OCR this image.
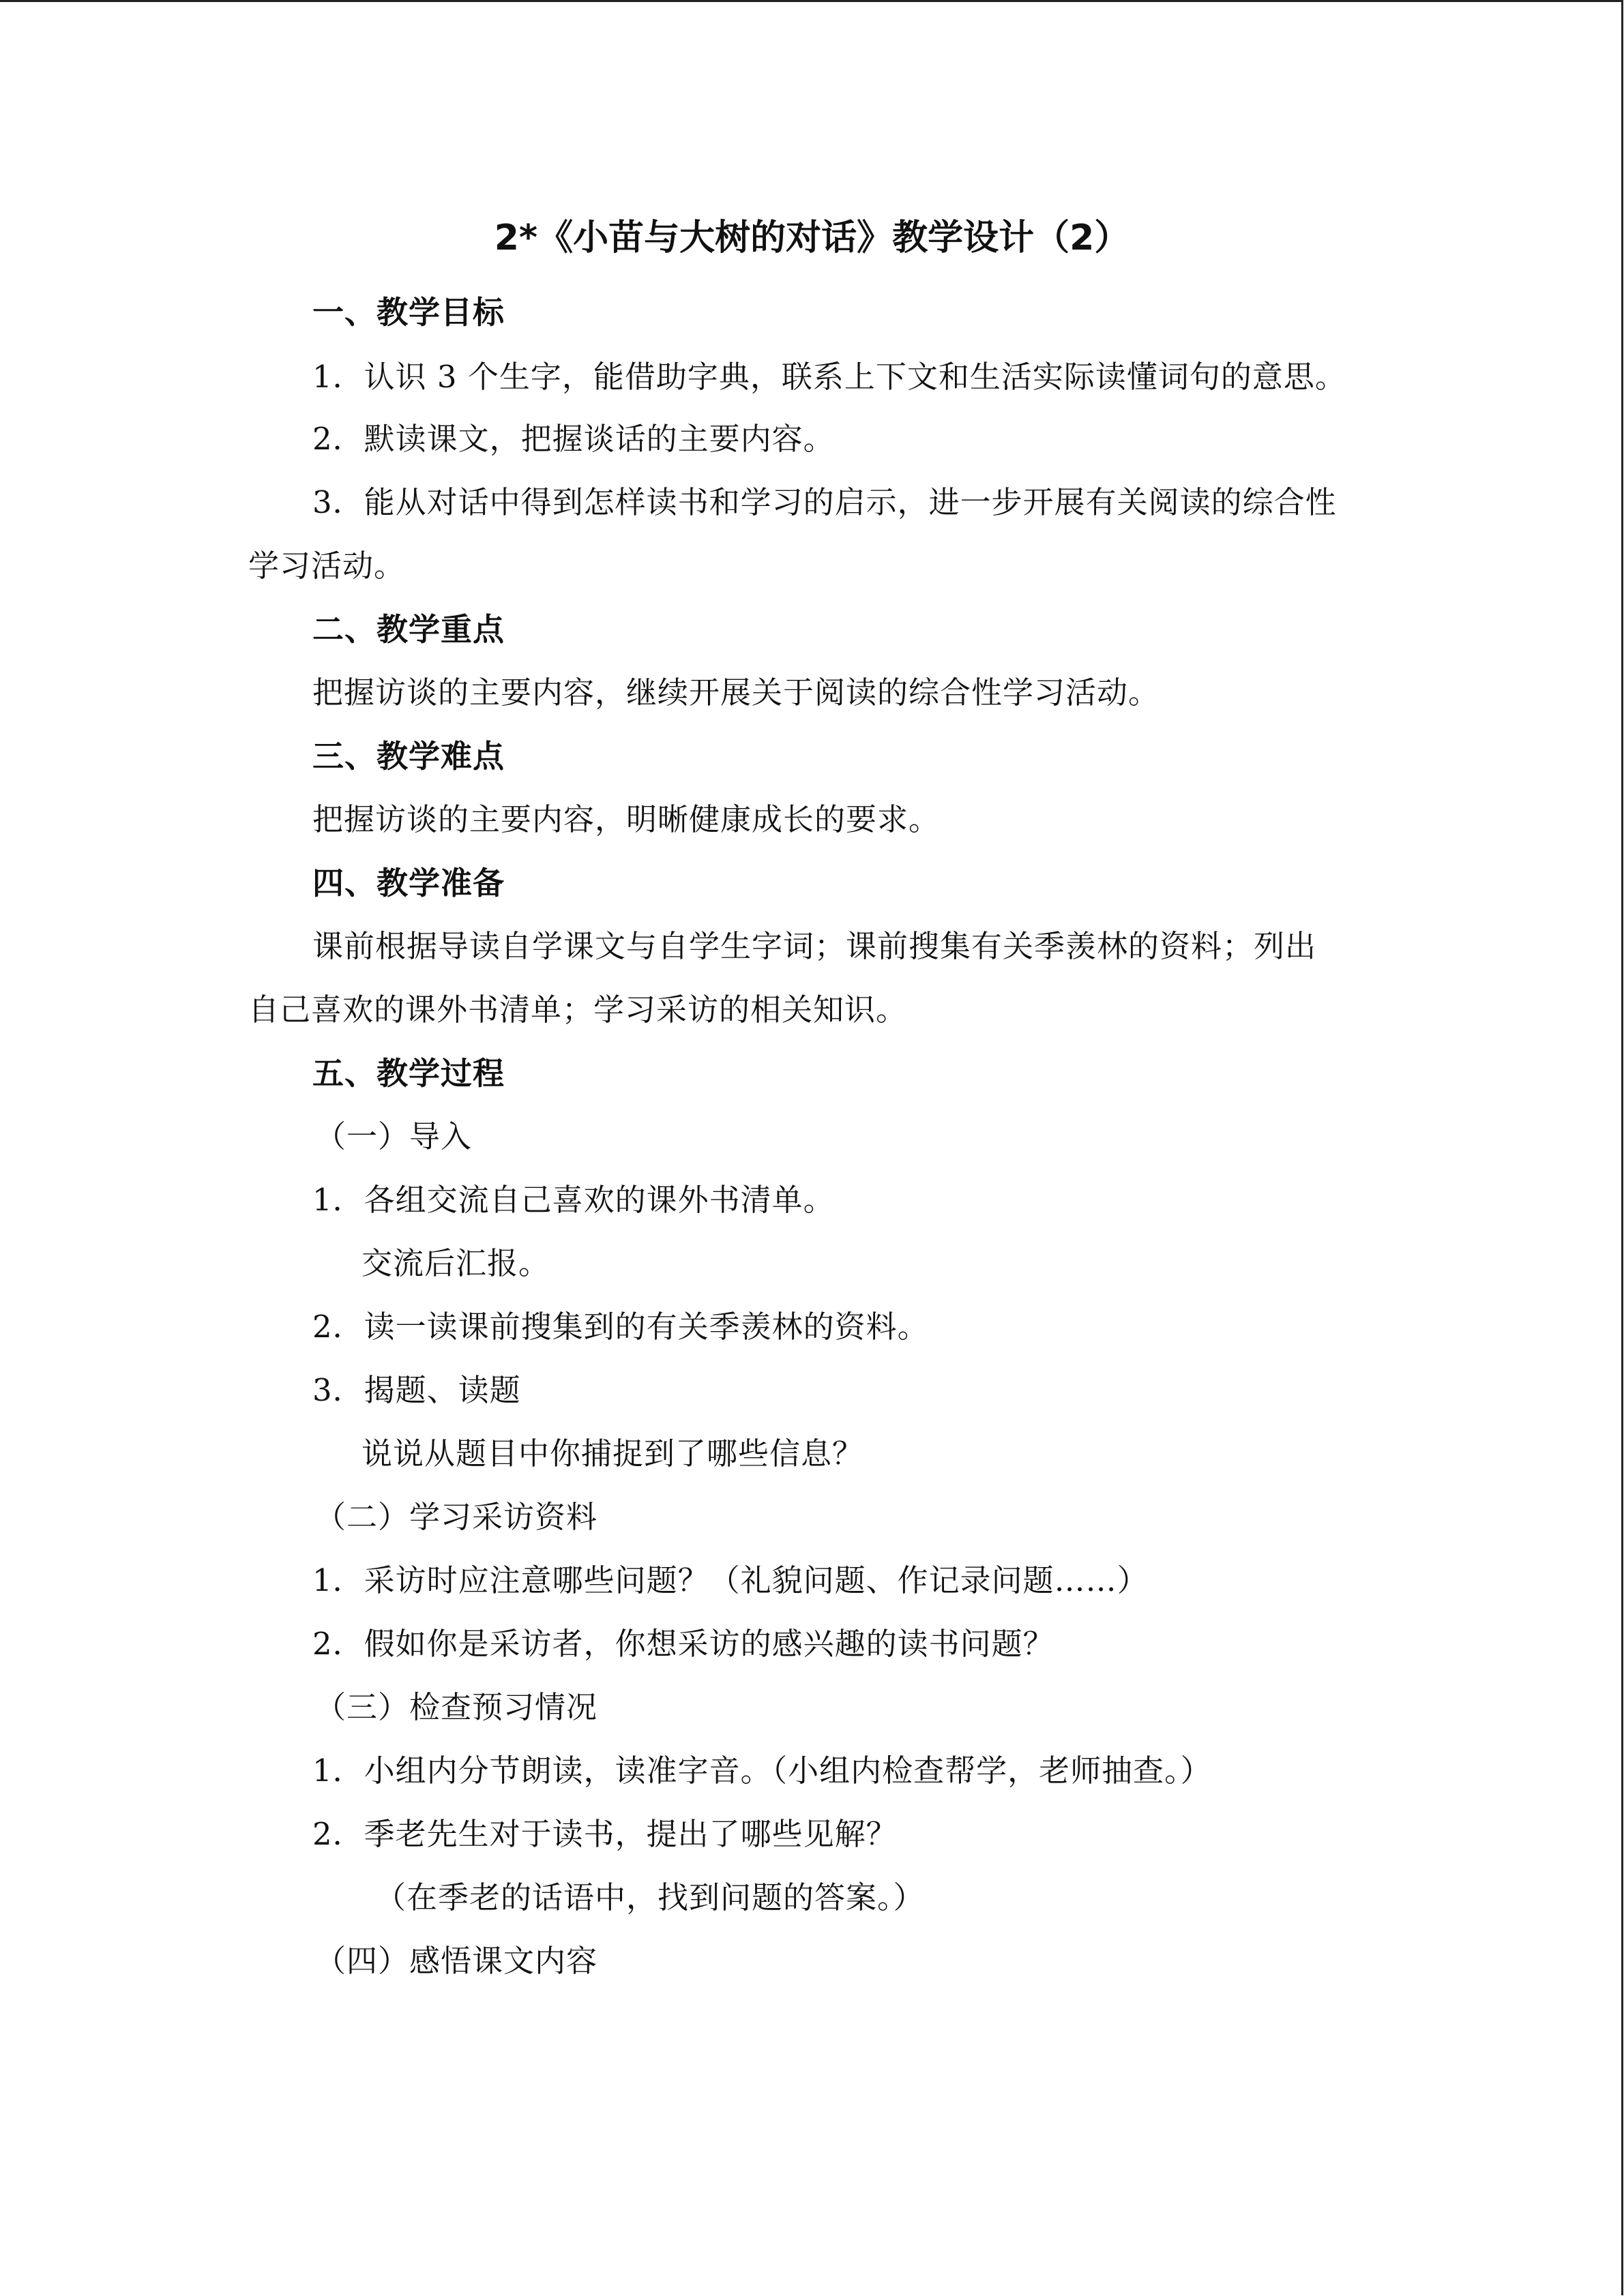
2*《小苗与大树的对话》教学设计（2）
一、教学目标
1．认识 3 个生字，能借助字典，联系上下文和生活实际读懂词句的意思。
2．默读课文，把握谈话的主要内容。
3．能从对话中得到怎样读书和学习的启示，进一步开展有关阅读的综合性
学习活动。
二、教学重点
把握访谈的主要内容，继续开展关于阅读的综合性学习活动。
三、教学难点
把握访谈的主要内容，明晰健康成长的要求。
四、教学准备
课前根据导读自学课文与自学生字词；课前搜集有关季羡林的资料；列出
自己喜欢的课外书清单；学习采访的相关知识。
五、教学过程
（一）导入
1．各组交流自己喜欢的课外书清单。
交流后汇报。
2．读一读课前搜集到的有关季羡林的资料。
3．揭题、读题
说说从题目中你捕捉到了哪些信息？
（二）学习采访资料
1．采访时应注意哪些问题？（礼貌问题、作记录问题……）
2．假如你是采访者，你想采访的感兴趣的读书问题？
（三）检查预习情况
1．小组内分节朗读，读准字音。（小组内检查帮学，老师抽查。）
2．季老先生对于读书，提出了哪些见解？
（在季老的话语中，找到问题的答案。）
（四）感悟课文内容
